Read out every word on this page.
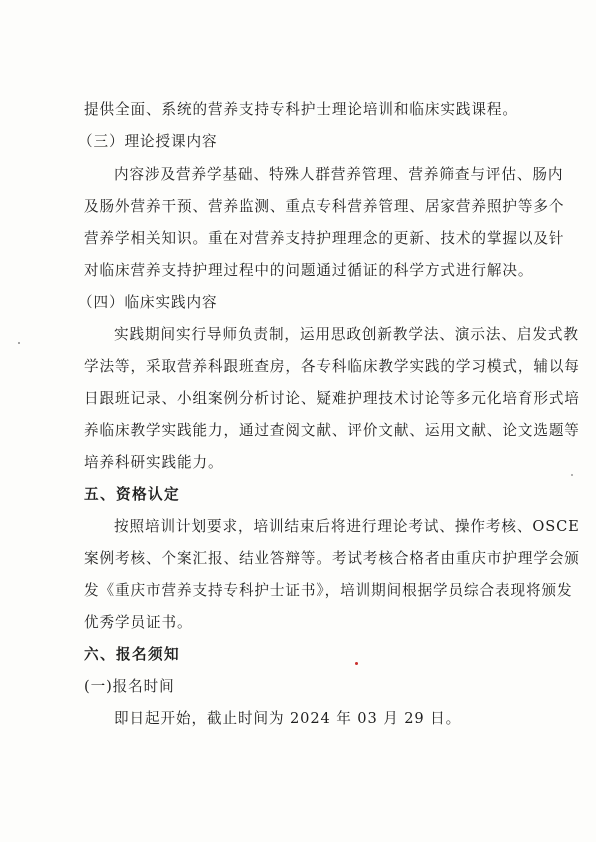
提供全面、系统的营养支持专科护士理论培训和临床实践课程。
（三）理论授课内容
内容涉及营养学基础、特殊人群营养管理、营养筛查与评估、肠内
及肠外营养干预、营养监测、重点专科营养管理、居家营养照护等多个
营养学相关知识。重在对营养支持护理理念的更新、技术的掌握以及针
对临床营养支持护理过程中的问题通过循证的科学方式进行解决。
（四）临床实践内容
实践期间实行导师负责制，运用思政创新教学法、演示法、启发式教
学法等，采取营养科跟班查房，各专科临床教学实践的学习模式，辅以每
日跟班记录、小组案例分析讨论、疑难护理技术讨论等多元化培育形式培
养临床教学实践能力，通过查阅文献、评价文献、运用文献、论文选题等
培养科研实践能力。
五、资格认定
按照培训计划要求，培训结束后将进行理论考试、操作考核、OSCE
案例考核、个案汇报、结业答辩等。考试考核合格者由重庆市护理学会颁
发《重庆市营养支持专科护士证书》，培训期间根据学员综合表现将颁发
优秀学员证书。
六、报名须知
(一)报名时间
即日起开始，截止时间为 2024 年 03 月 29 日。
